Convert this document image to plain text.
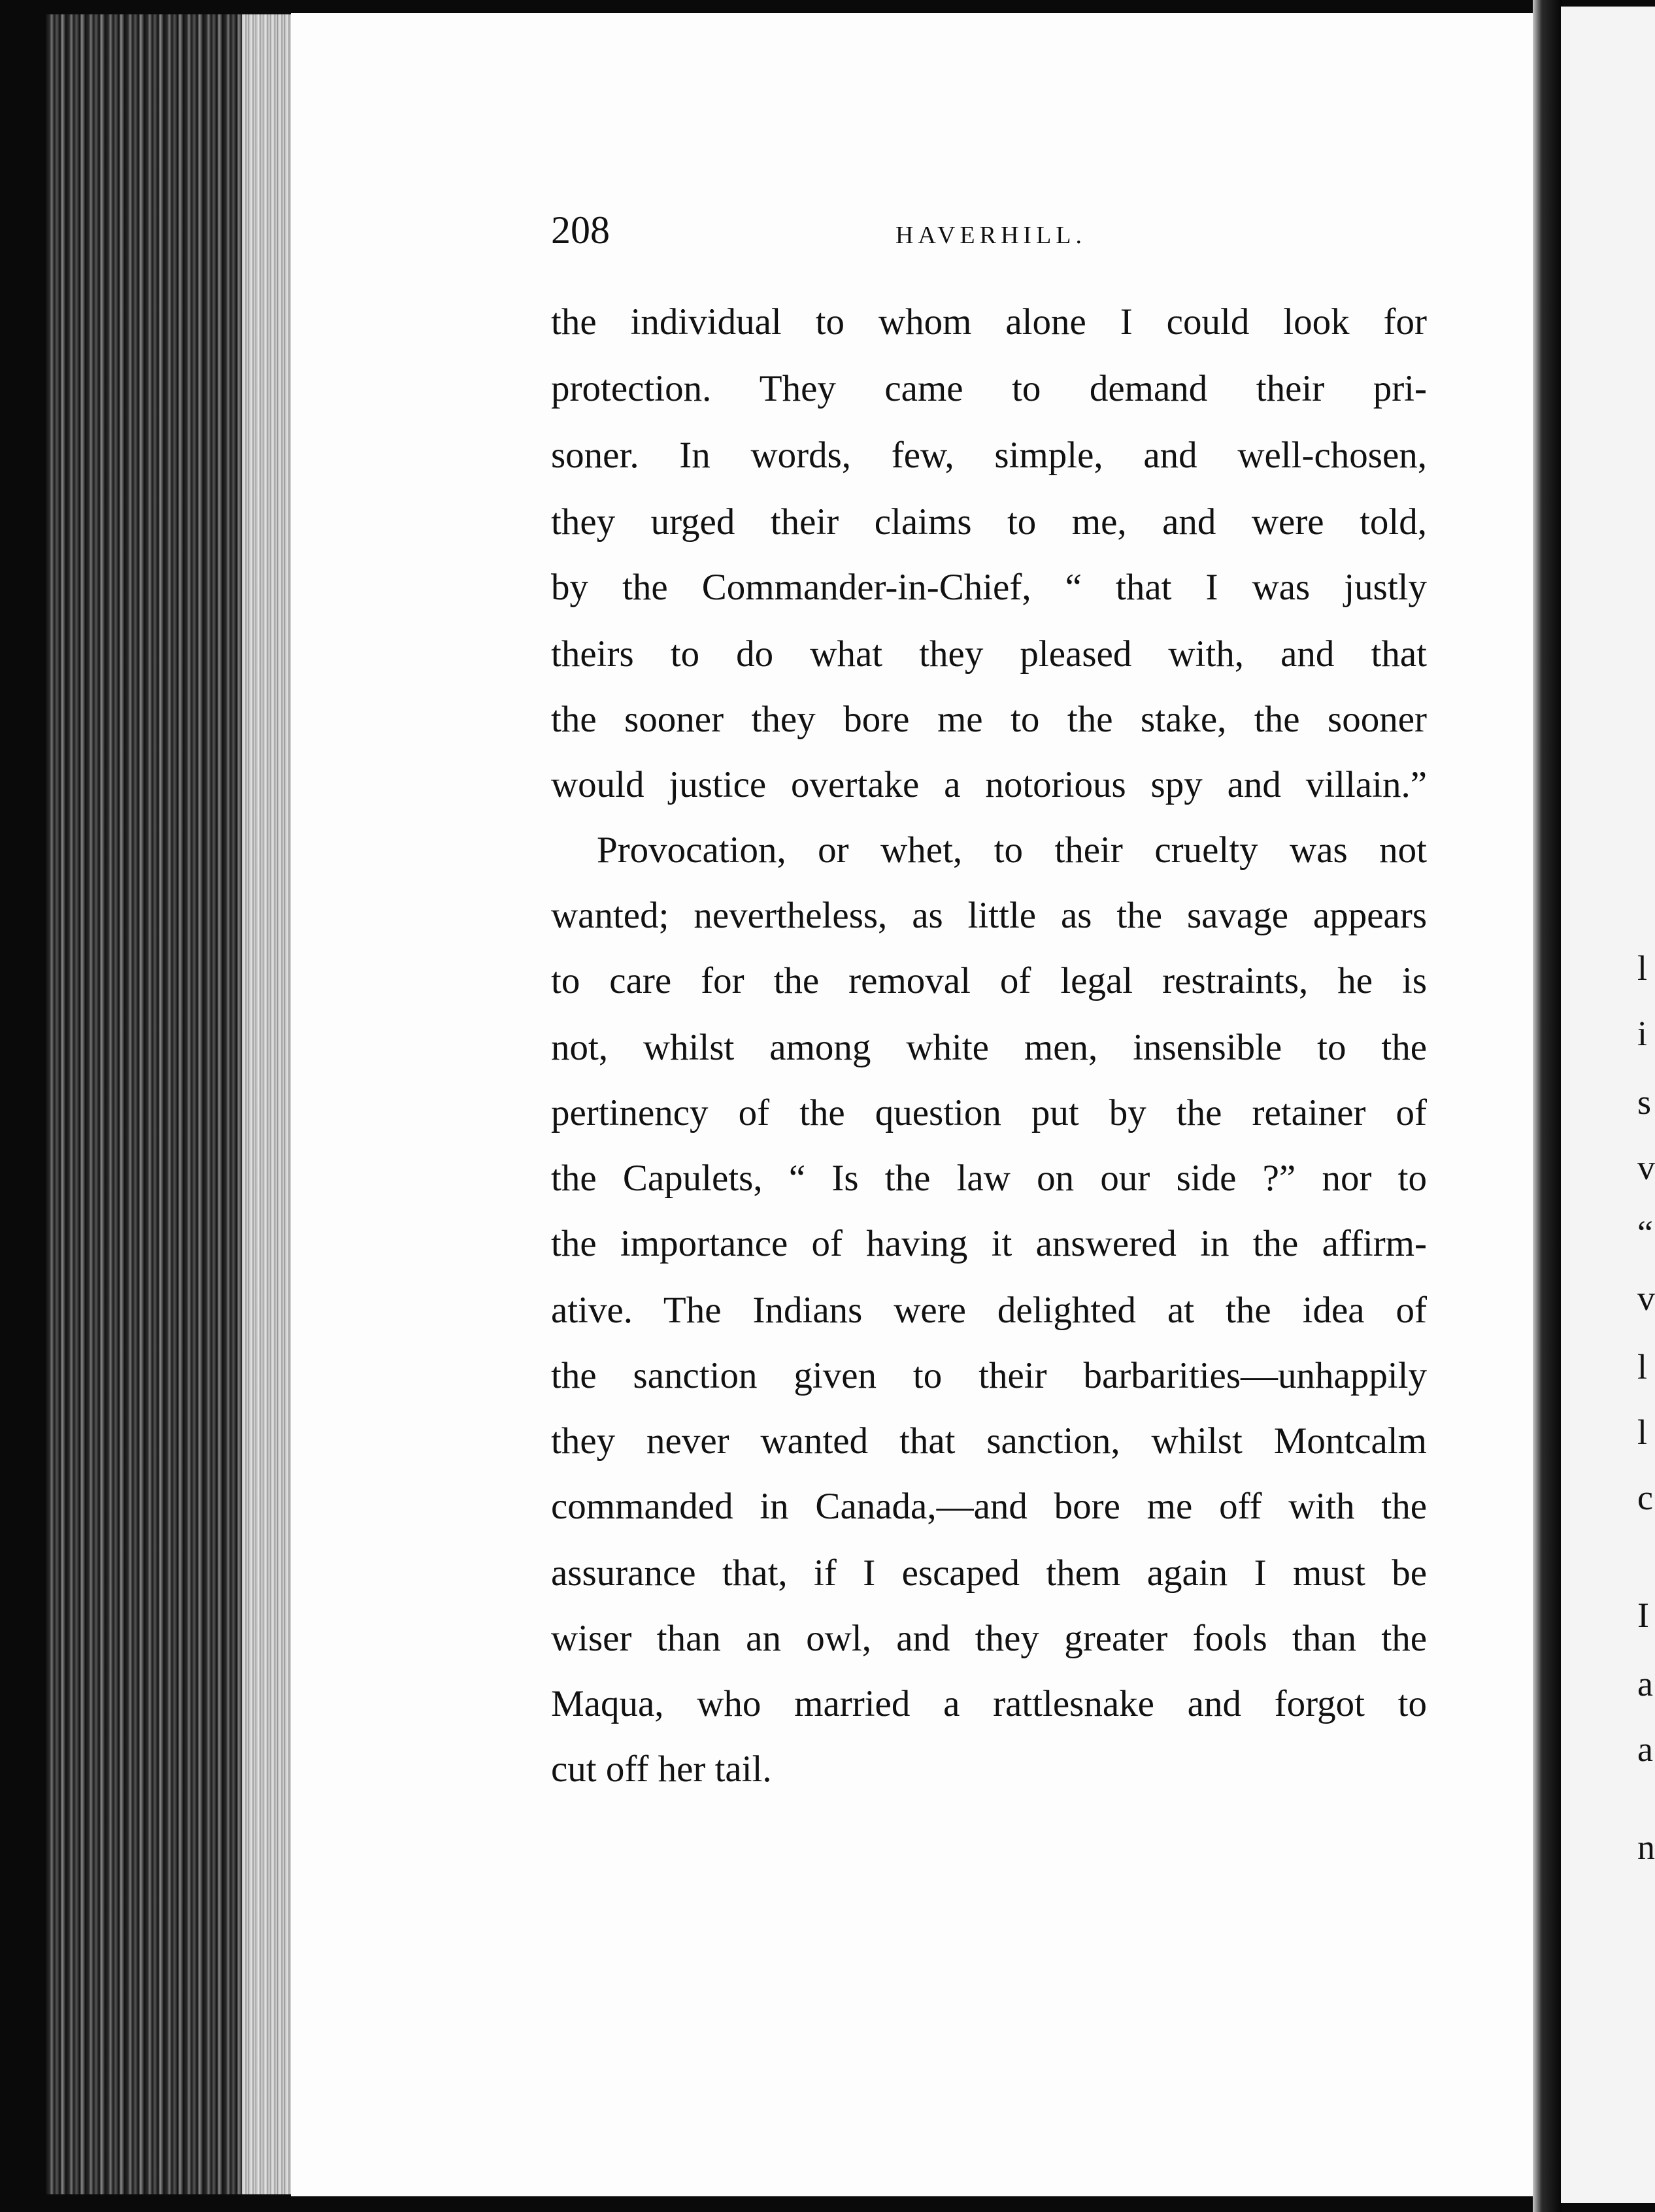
208	HAVERHILL.
the individual to whom alone I could look for
protection. They came to demand their pri-
soner. In words, few, simple, and well-chosen,
they urged their claims to me, and were told,
by the Commander-in-Chief, “ that I was justly
theirs to do what they pleased with, and that
the sooner they bore me to the stake, the sooner
would justice overtake a notorious spy and villain.”
Provocation, or whet, to their cruelty was not
wanted; nevertheless, as little as the savage appears
to care for the removal of legal restraints, he is
not, whilst among white men, insensible to the
pertinency of the question put by the retainer of
the Capulets, “ Is the law on our side ?” nor to
the importance of having it answered in the affirm-
ative. The Indians were delighted at the idea of
the sanction given to their barbarities—unhappily
they never wanted that sanction, whilst Montcalm
commanded in Canada,—and bore me off with the
assurance that, if I escaped them again I must be
wiser than an owl, and they greater fools than the
Maqua, who married a rattlesnake and forgot to
cut off her tail.
l
i
s
v
“
v
l
l
c
I
a
a
n
